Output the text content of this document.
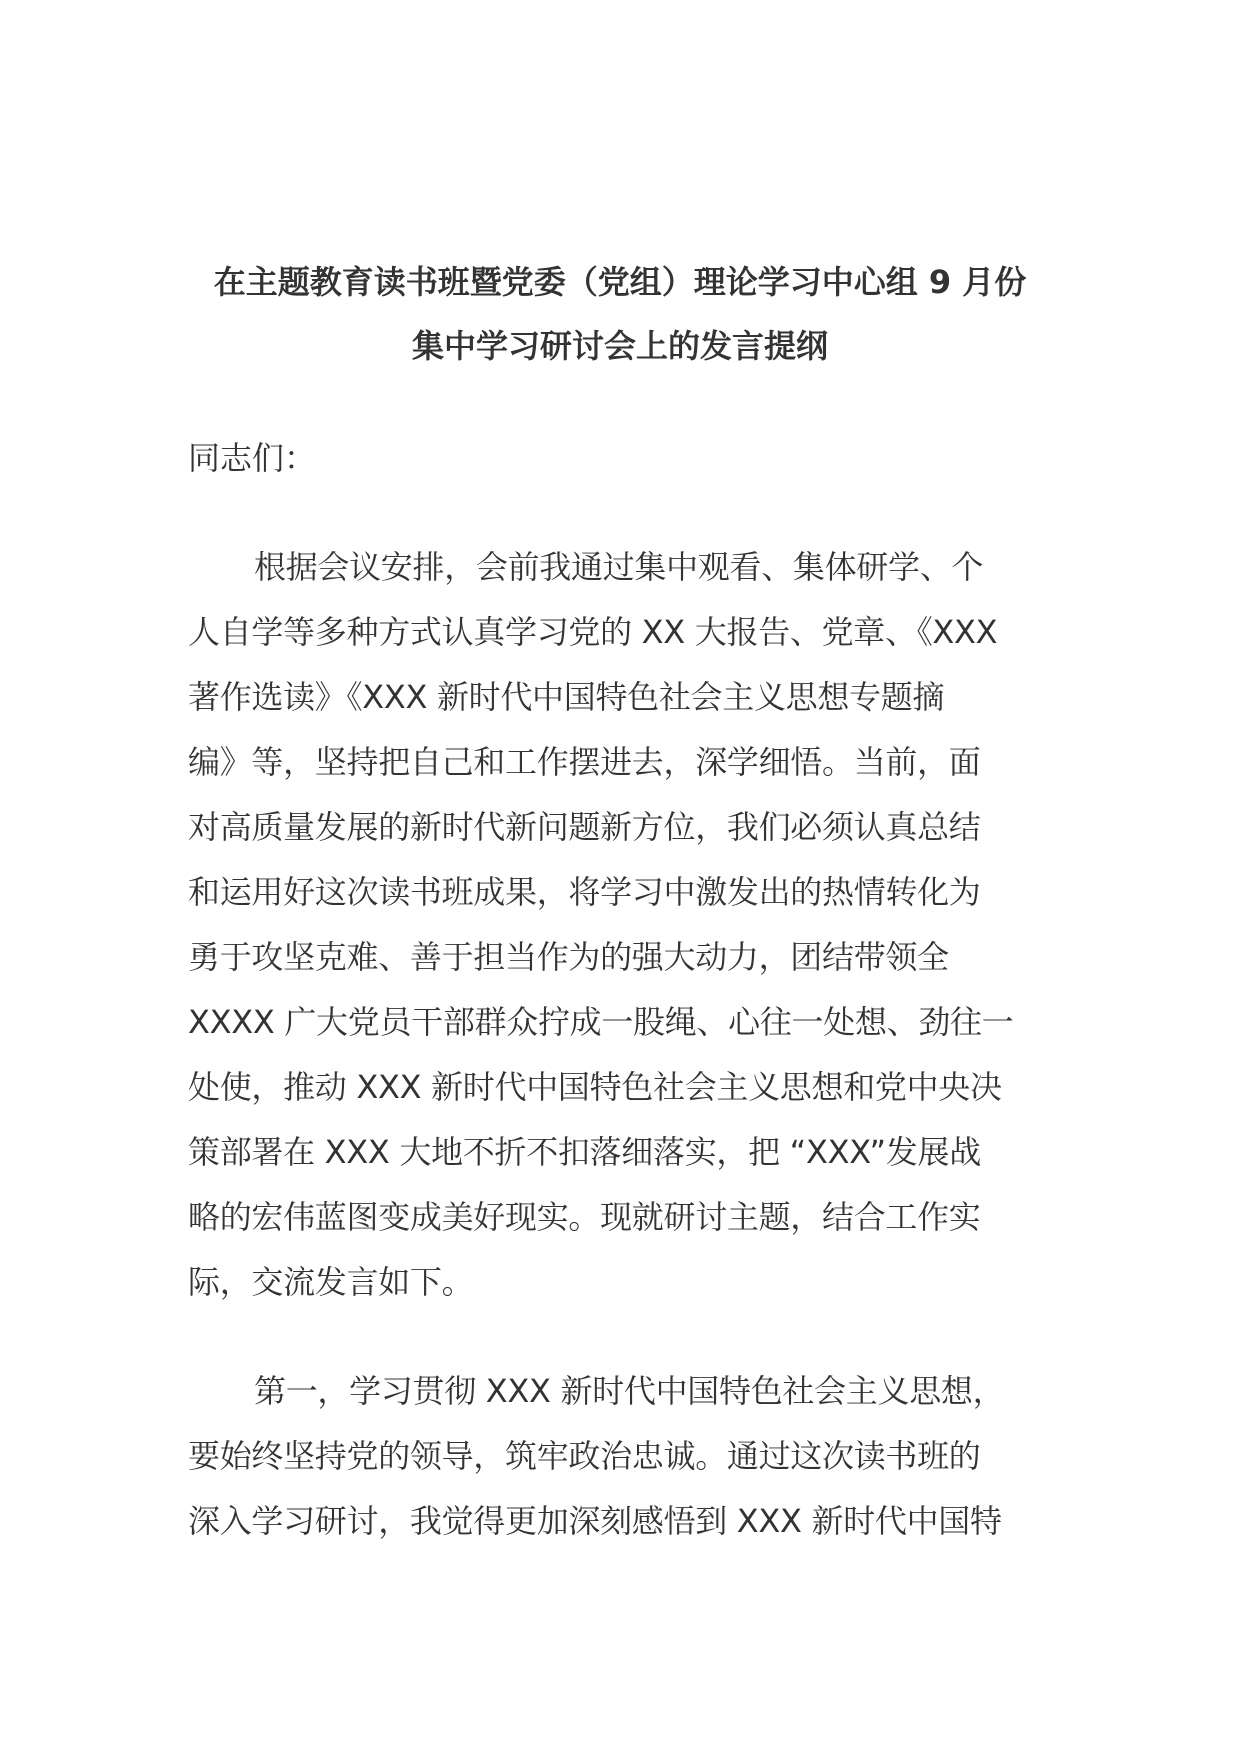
在主题教育读书班暨党委（党组）理论学习中心组 9 月份
集中学习研讨会上的发言提纲
同志们：
根据会议安排，会前我通过集中观看、集体研学、个
人自学等多种方式认真学习党的 XX 大报告、党章、《XXX
著作选读》《XXX 新时代中国特色社会主义思想专题摘
编》等，坚持把自己和工作摆进去，深学细悟。当前，面
对高质量发展的新时代新问题新方位，我们必须认真总结
和运用好这次读书班成果，将学习中激发出的热情转化为
勇于攻坚克难、善于担当作为的强大动力，团结带领全
XXXX 广大党员干部群众拧成一股绳、心往一处想、劲往一
处使，推动 XXX 新时代中国特色社会主义思想和党中央决
策部署在 XXX 大地不折不扣落细落实，把 “XXX”发展战
略的宏伟蓝图变成美好现实。现就研讨主题，结合工作实
际，交流发言如下。
第一，学习贯彻 XXX 新时代中国特色社会主义思想，
要始终坚持党的领导，筑牢政治忠诚。通过这次读书班的
深入学习研讨，我觉得更加深刻感悟到 XXX 新时代中国特
